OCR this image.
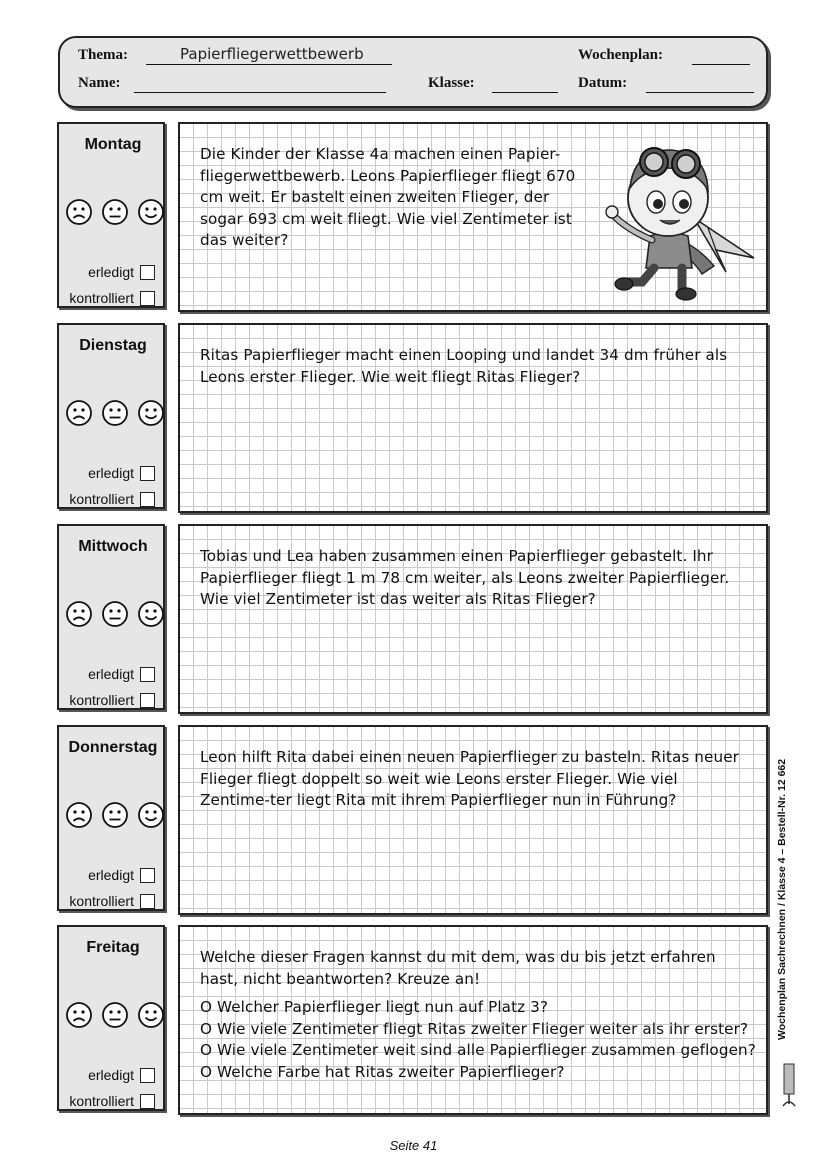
Thema:	Papierfliegerwettbewerb	Wochenplan:
Name:	Klasse:	Datum:
Montag
erledigt
kontrolliert

Die Kinder der Klasse 4a machen einen Papier-fliegerwettbewerb. Leons Papierflieger fliegt 670 cm weit. Er bastelt einen zweiten Flieger, der sogar 693 cm weit fliegt. Wie viel Zentimeter ist das weiter?

Dienstag
erledigt
kontrolliert

Ritas Papierflieger macht einen Looping und landet 34 dm früher als Leons erster Flieger. Wie weit fliegt Ritas Flieger?

Mittwoch
erledigt
kontrolliert

Tobias und Lea haben zusammen einen Papierflieger gebastelt. Ihr Papierflieger fliegt 1 m 78 cm weiter, als Leons zweiter Papierflieger. Wie viel Zentimeter ist das weiter als Ritas Flieger?

Donnerstag
erledigt
kontrolliert

Leon hilft Rita dabei einen neuen Papierflieger zu basteln. Ritas neuer Flieger fliegt doppelt so weit wie Leons erster Flieger. Wie viel Zentime-ter liegt Rita mit ihrem Papierflieger nun in Führung?

Freitag
erledigt
kontrolliert

Welche dieser Fragen kannst du mit dem, was du bis jetzt erfahren hast, nicht beantworten? Kreuze an!

O Welcher Papierflieger liegt nun auf Platz 3?
O Wie viele Zentimeter fliegt Ritas zweiter Flieger weiter als ihr erster?
O Wie viele Zentimeter weit sind alle Papierflieger zusammen geflogen?
O Welche Farbe hat Ritas zweiter Papierflieger?
Wochenplan Sachrechnen / Klasse 4 – Bestell-Nr. 12 662
Seite 41
